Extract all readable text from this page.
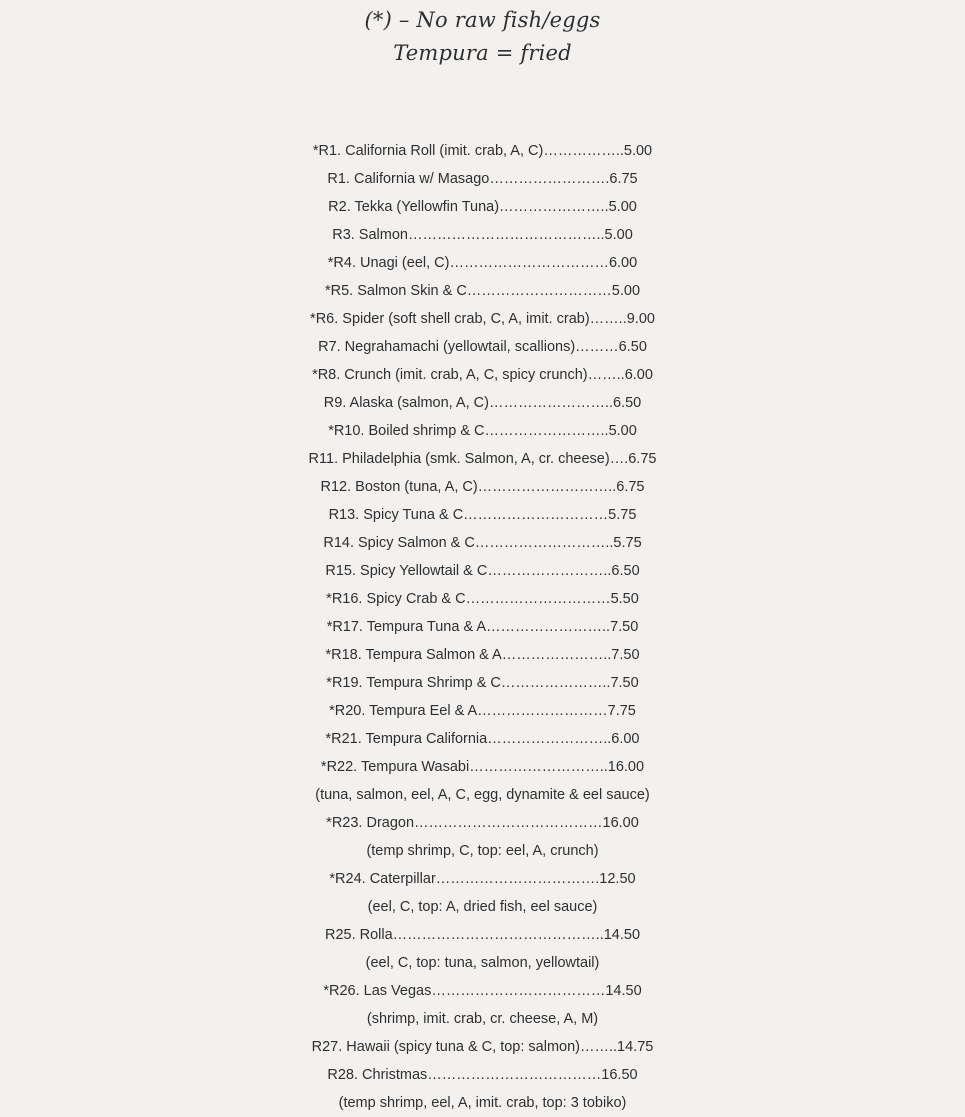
(*) – No raw fish/eggs
Tempura = fried
*R1. California Roll (imit. crab, A, C)……………..5.00
R1. California w/ Masago…………………….6.75
R2. Tekka (Yellowfin Tuna)…………………..5.00
R3. Salmon…………………………………..5.00
*R4. Unagi (eel, C)……………………………6.00
*R5. Salmon Skin & C…………………………5.00
*R6. Spider (soft shell crab, C, A, imit. crab)……..9.00
R7. Negrahamachi (yellowtail, scallions)………6.50
*R8. Crunch (imit. crab, A, C, spicy crunch)……..6.00
R9. Alaska (salmon, A, C)……………………..6.50
*R10. Boiled shrimp & C……………………..5.00
R11. Philadelphia (smk. Salmon, A, cr. cheese)….6.75
R12. Boston (tuna, A, C)………………………..6.75
R13. Spicy Tuna & C…………………………5.75
R14. Spicy Salmon & C………………………..5.75
R15. Spicy Yellowtail & C……………………..6.50
*R16. Spicy Crab & C…………………………5.50
*R17. Tempura Tuna & A……………………..7.50
*R18. Tempura Salmon & A…………………..7.50
*R19. Tempura Shrimp & C…………………..7.50
*R20. Tempura Eel & A………………………7.75
*R21. Tempura California……………………..6.00
*R22. Tempura Wasabi………………………..16.00
(tuna, salmon, eel, A, C, egg, dynamite & eel sauce)
*R23. Dragon…………………………………16.00
(temp shrimp, C, top: eel, A, crunch)
*R24. Caterpillar…………………………….12.50
(eel, C, top: A, dried fish, eel sauce)
R25. Rolla……………………………………..14.50
(eel, C, top: tuna, salmon, yellowtail)
*R26. Las Vegas………………………………14.50
(shrimp, imit. crab, cr. cheese, A, M)
R27. Hawaii (spicy tuna & C, top: salmon)……..14.75
R28. Christmas………………………………16.50
(temp shrimp, eel, A, imit. crab, top: 3 tobiko)
